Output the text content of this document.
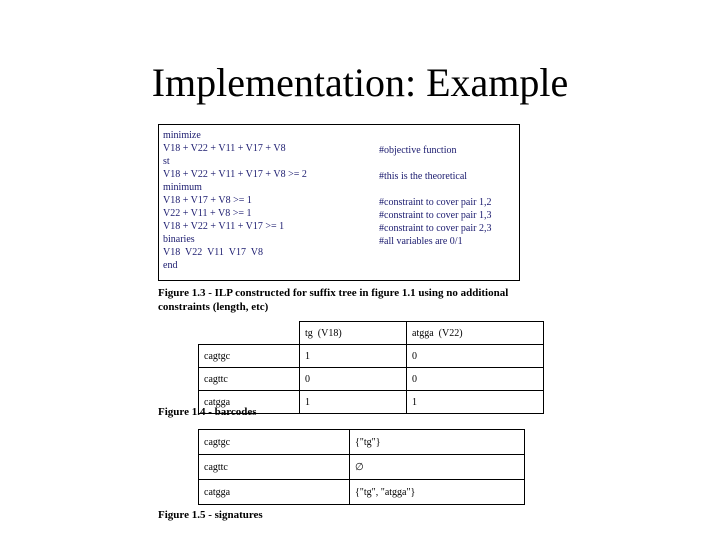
Implementation: Example
minimize
V18 + V22 + V11 + V17 + V8
st
V18 + V22 + V11 + V17 + V8 >= 2
minimum
V18 + V17 + V8 >= 1
V22 + V11 + V8 >= 1
V18 + V22 + V11 + V17 >= 1
binaries
V18  V22  V11  V17  V8
end
#objective function
#this is the theoretical
#constraint to cover pair 1,2
#constraint to cover pair 1,3
#constraint to cover pair 2,3
#all variables are 0/1
Figure 1.3 - ILP constructed for suffix tree in figure 1.1 using no additional constraints (length, etc)
	tg  (V18)	atgga  (V22)
cagtgc	1	0
cagttc	0	0
catgga	1	1
Figure 1.4 - barcodes
cagtgc	{"tg"}
cagttc	∅
catgga	{"tg", "atgga"}
Figure 1.5 - signatures
